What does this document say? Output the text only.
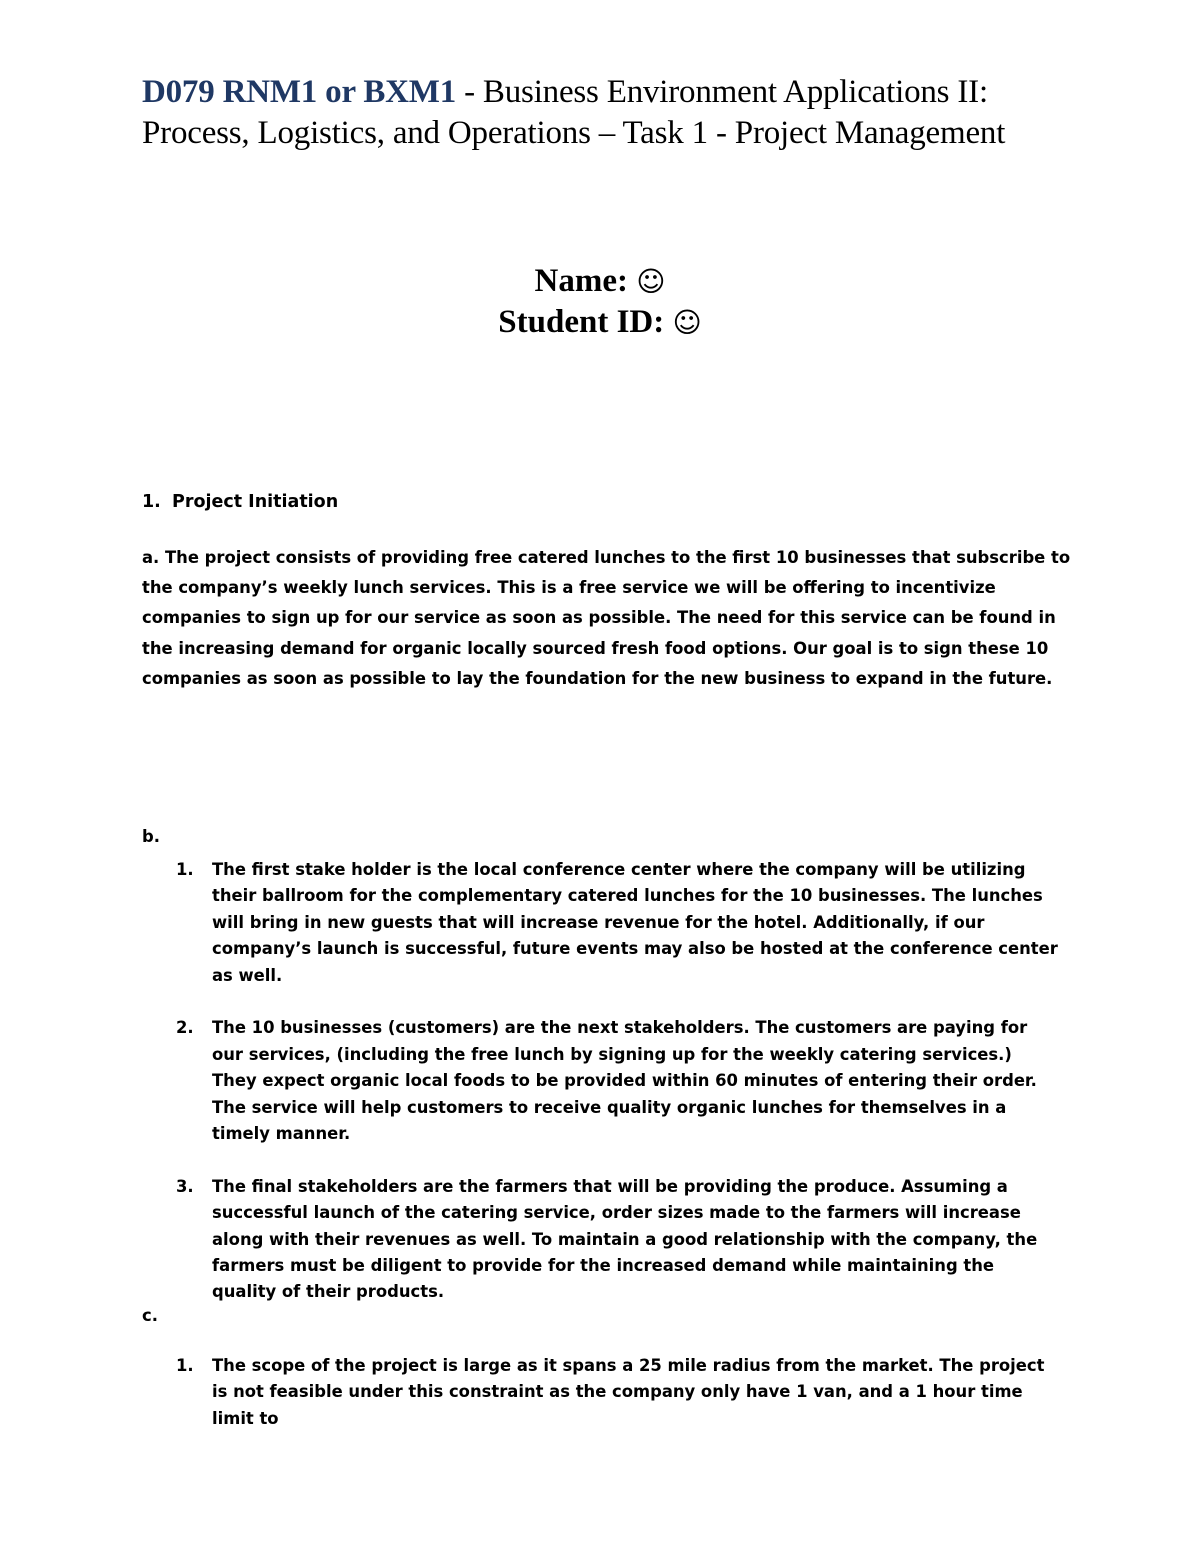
D079 RNM1 or BXM1 - Business Environment Applications II: Process, Logistics, and Operations – Task 1 - Project Management
Name: ☺
Student ID: ☺
1. Project Initiation

a. The project consists of providing free catered lunches to the first 10 businesses that subscribe to the company’s weekly lunch services. This is a free service we will be offering to incentivize companies to sign up for our service as soon as possible. The need for this service can be found in the increasing demand for organic locally sourced fresh food options. Our goal is to sign these 10 companies as soon as possible to lay the foundation for the new business to expand in the future.

b.
1. The first stake holder is the local conference center where the company will be utilizing their ballroom for the complementary catered lunches for the 10 businesses. The lunches will bring in new guests that will increase revenue for the hotel. Additionally, if our company’s launch is successful, future events may also be hosted at the conference center as well.
2. The 10 businesses (customers) are the next stakeholders. The customers are paying for our services, (including the free lunch by signing up for the weekly catering services.) They expect organic local foods to be provided within 60 minutes of entering their order. The service will help customers to receive quality organic lunches for themselves in a timely manner.
3. The final stakeholders are the farmers that will be providing the produce. Assuming a successful launch of the catering service, order sizes made to the farmers will increase along with their revenues as well. To maintain a good relationship with the company, the farmers must be diligent to provide for the increased demand while maintaining the quality of their products.
c.
1. The scope of the project is large as it spans a 25 mile radius from the market. The project is not feasible under this constraint as the company only have 1 van, and a 1 hour time limit to
